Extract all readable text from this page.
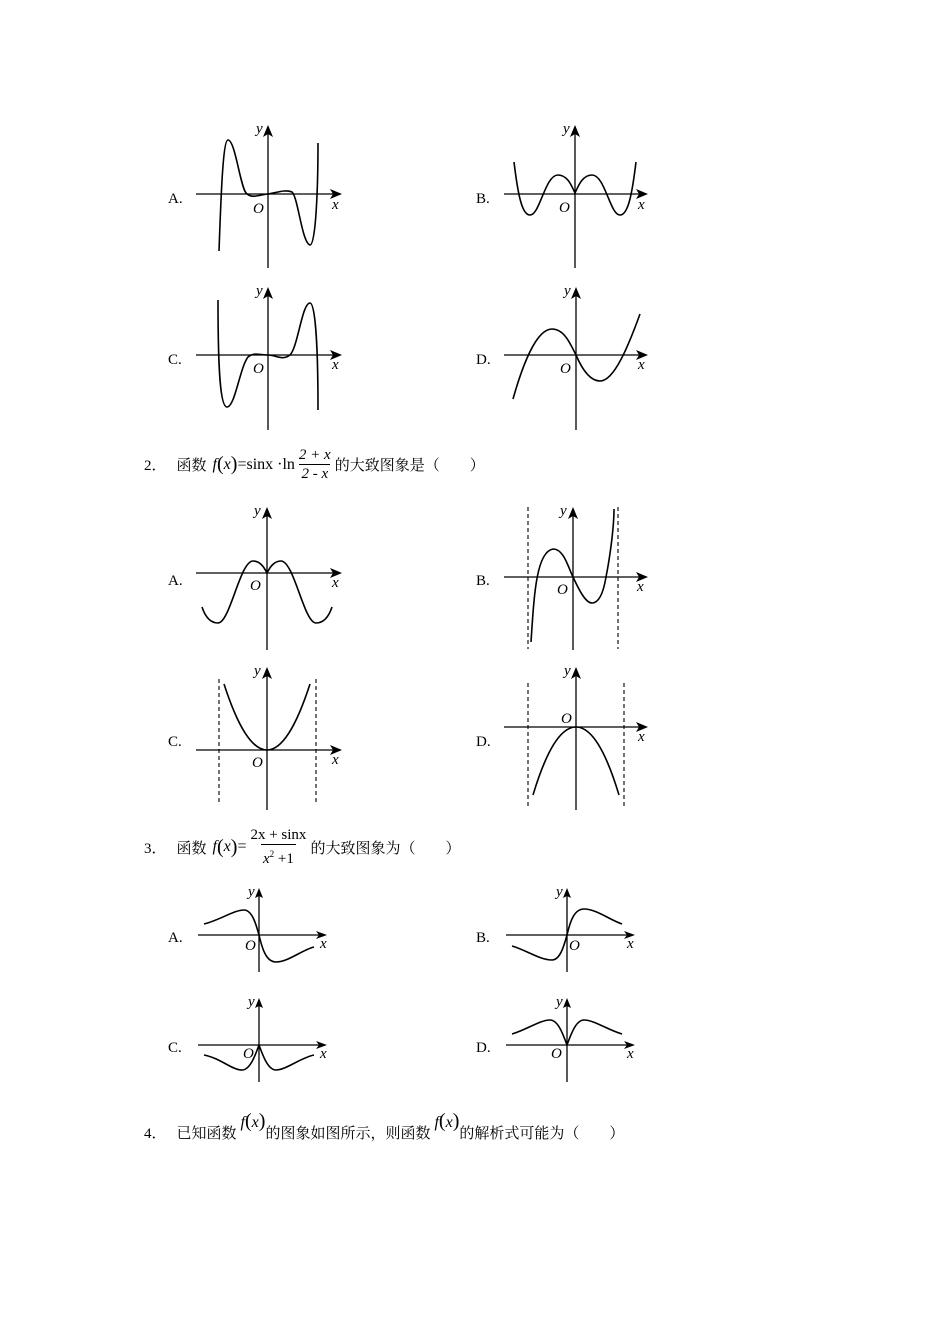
A.
y
x
O
B.
y
x
O
C.
y
x
O
D.
y
x
O
2． 函数 f ( x ) $=\sin x \cdot\ln \frac{2 + x}{2 - x}$ 的大致图象是（　　）
A.
y
x
O	B.
y
x
O
C.
y
x
O
D.
y
x
O
3． 函数 f ( x ) = $\frac{2x + \sin x}{x^2 +1}$ 的大致图象为（　　）
A.
y
x
O	B.
y
x
O
C.
y
x
O	D.
y
x
O
4． 已知函数
f(x)
的图象如图所示，则函数
f(x)
的解析式可能为（　　）
